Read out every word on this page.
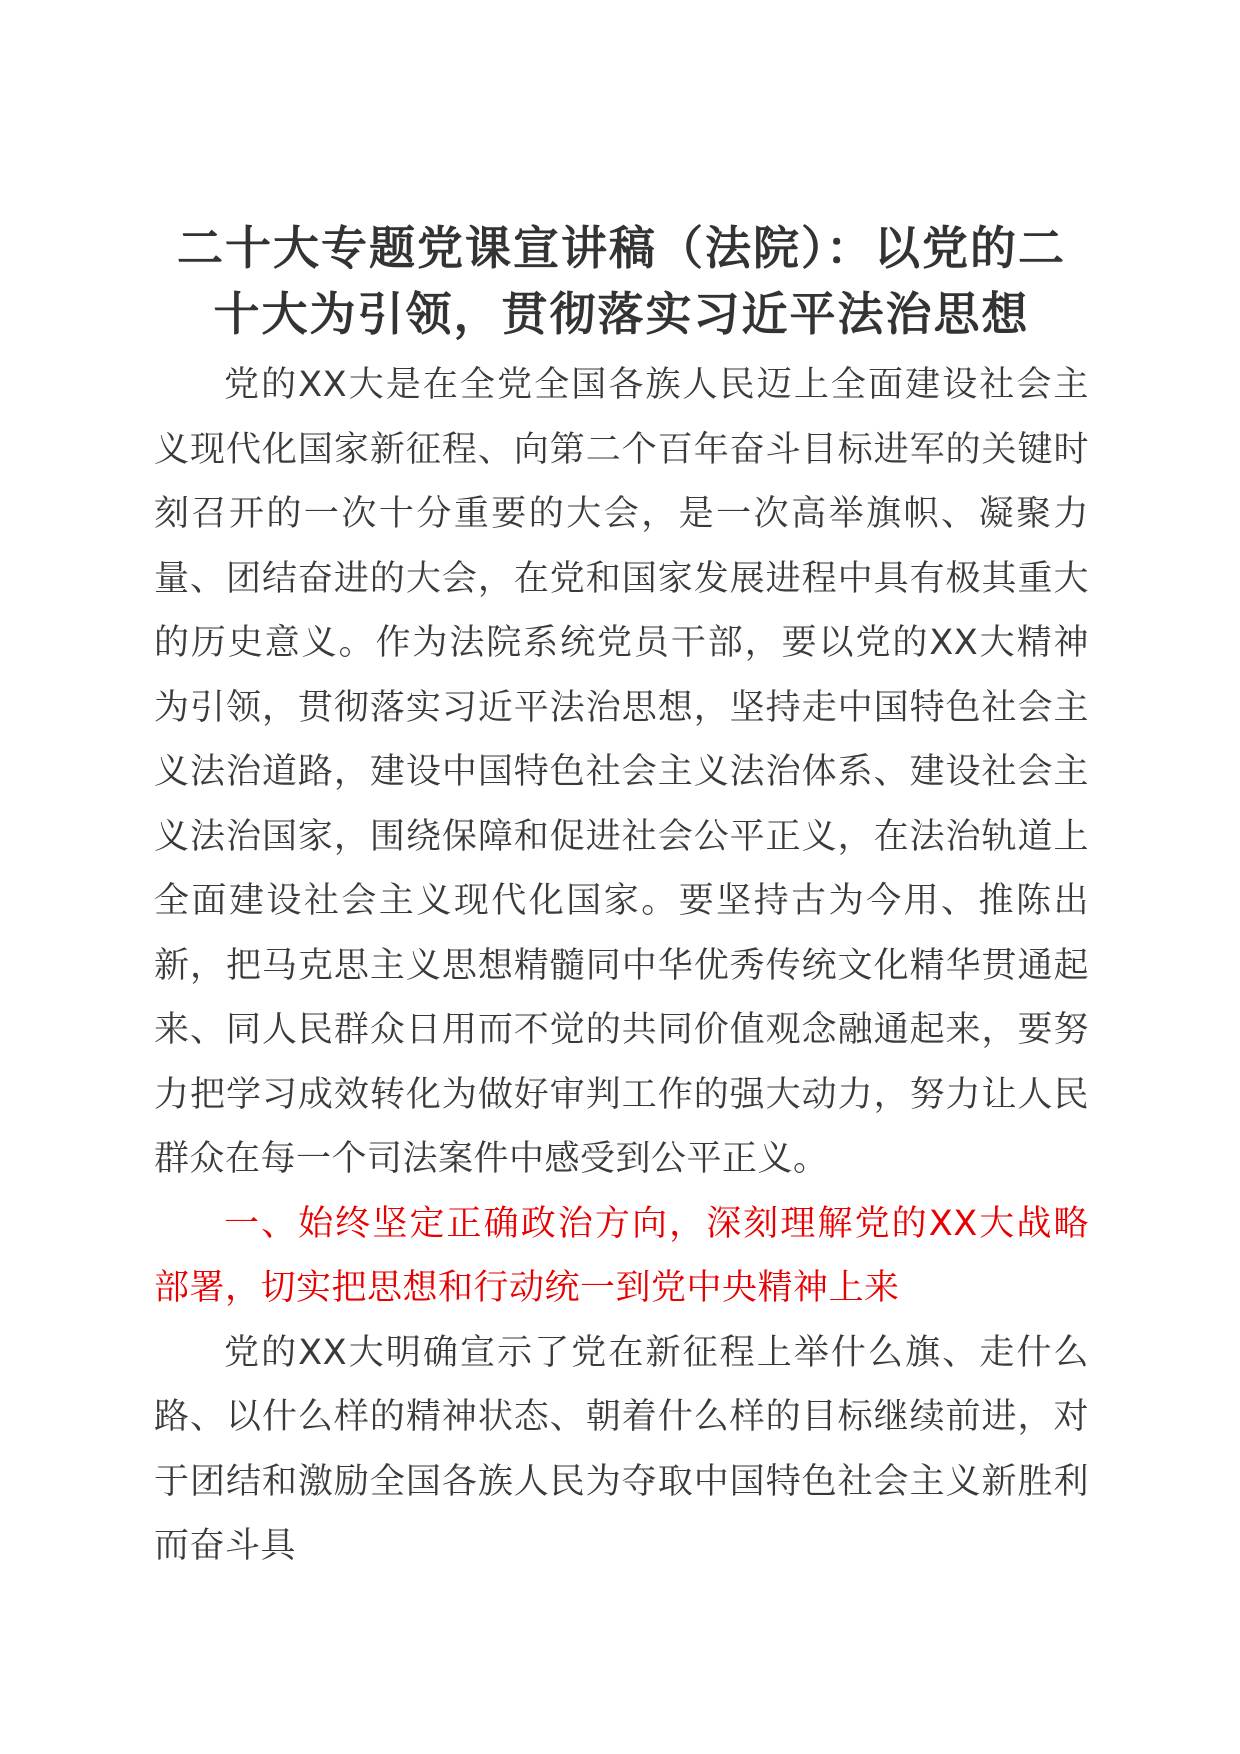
二十大专题党课宣讲稿（法院）：以党的二十大为引领，贯彻落实习近平法治思想

党的XX大是在全党全国各族人民迈上全面建设社会主义现代化国家新征程、向第二个百年奋斗目标进军的关键时刻召开的一次十分重要的大会，是一次高举旗帜、凝聚力量、团结奋进的大会，在党和国家发展进程中具有极其重大的历史意义。作为法院系统党员干部，要以党的XX大精神为引领，贯彻落实习近平法治思想，坚持走中国特色社会主义法治道路，建设中国特色社会主义法治体系、建设社会主义法治国家，围绕保障和促进社会公平正义，在法治轨道上全面建设社会主义现代化国家。要坚持古为今用、推陈出新，把马克思主义思想精髓同中华优秀传统文化精华贯通起来、同人民群众日用而不觉的共同价值观念融通起来，要努力把学习成效转化为做好审判工作的强大动力，努力让人民群众在每一个司法案件中感受到公平正义。

一、始终坚定正确政治方向，深刻理解党的XX大战略部署，切实把思想和行动统一到党中央精神上来

党的XX大明确宣示了党在新征程上举什么旗、走什么路、以什么样的精神状态、朝着什么样的目标继续前进，对于团结和激励全国各族人民为夺取中国特色社会主义新胜利而奋斗具
